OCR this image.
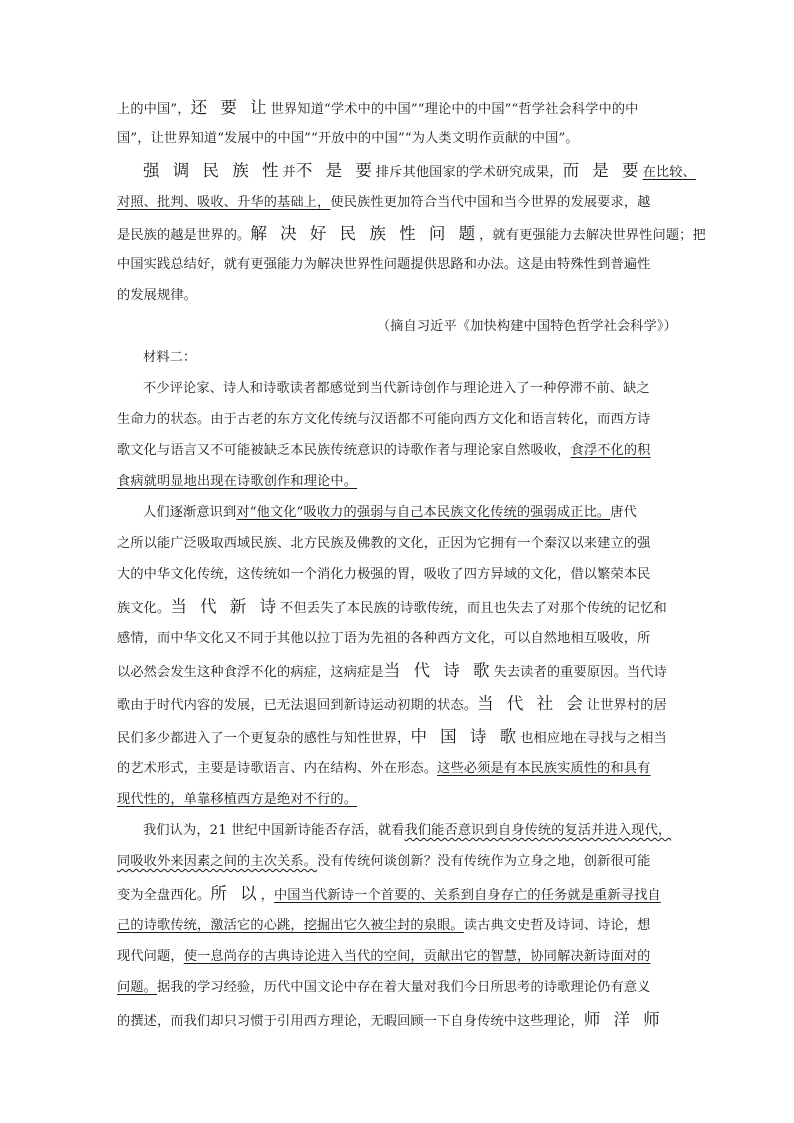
上的中国”，还 要 让世界知道“学术中的中国”“理论中的中国”“哲学社会科学中的中
国”，让世界知道“发展中的中国”“开放中的中国”“为人类文明作贡献的中国”。
强 调 民 族 性并不 是 要排斥其他国家的学术研究成果，而 是 要在比较、
对照、批判、吸收、升华的基础上，使民族性更加符合当代中国和当今世界的发展要求，越
是民族的越是世界的。解 决 好 民 族 性 问 题，就有更强能力去解决世界性问题；把
中国实践总结好，就有更强能力为解决世界性问题提供思路和办法。这是由特殊性到普遍性
的发展规律。
（摘自习近平《加快构建中国特色哲学社会科学》）
材料二：
不少评论家、诗人和诗歌读者都感觉到当代新诗创作与理论进入了一种停滞不前、缺之
生命力的状态。由于古老的东方文化传统与汉语都不可能向西方文化和语言转化，而西方诗
歌文化与语言又不可能被缺乏本民族传统意识的诗歌作者与理论家自然吸收，食浮不化的积
食病就明显地出现在诗歌创作和理论中。
人们逐渐意识到对“他文化”吸收力的强弱与自己本民族文化传统的强弱成正比。唐代
之所以能广泛吸取西域民族、北方民族及佛教的文化，正因为它拥有一个秦汉以来建立的强
大的中华文化传统，这传统如一个消化力极强的胃，吸收了四方异域的文化，借以繁荣本民
族文化。当 代 新 诗不但丢失了本民族的诗歌传统，而且也失去了对那个传统的记忆和
感情，而中华文化又不同于其他以拉丁语为先祖的各种西方文化，可以自然地相互吸收，所
以必然会发生这种食浮不化的病症，这病症是当 代 诗 歌失去读者的重要原因。当代诗
歌由于时代内容的发展，已无法退回到新诗运动初期的状态。当 代 社 会让世界村的居
民们多少都进入了一个更复杂的感性与知性世界，中 国 诗 歌也相应地在寻找与之相当
的艺术形式，主要是诗歌语言、内在结构、外在形态。这些必须是有本民族实质性的和具有
现代性的，单靠移植西方是绝对不行的。
我们认为，21 世纪中国新诗能否存活，就看我们能否意识到自身传统的复活并进入现代，
同吸收外来因素之间的主次关系。没有传统何谈创新？没有传统作为立身之地，创新很可能
变为全盘西化。所 以，中国当代新诗一个首要的、关系到自身存亡的任务就是重新寻找自
己的诗歌传统，激活它的心跳，挖掘出它久被尘封的泉眼。读古典文史哲及诗词、诗论，想
现代问题，使一息尚存的古典诗论进入当代的空间，贡献出它的智慧，协同解决新诗面对的
问题。据我的学习经验，历代中国文论中存在着大量对我们今日所思考的诗歌理论仍有意义
的撰述，而我们却只习惯于引用西方理论，无暇回顾一下自身传统中这些理论，师 洋 师
